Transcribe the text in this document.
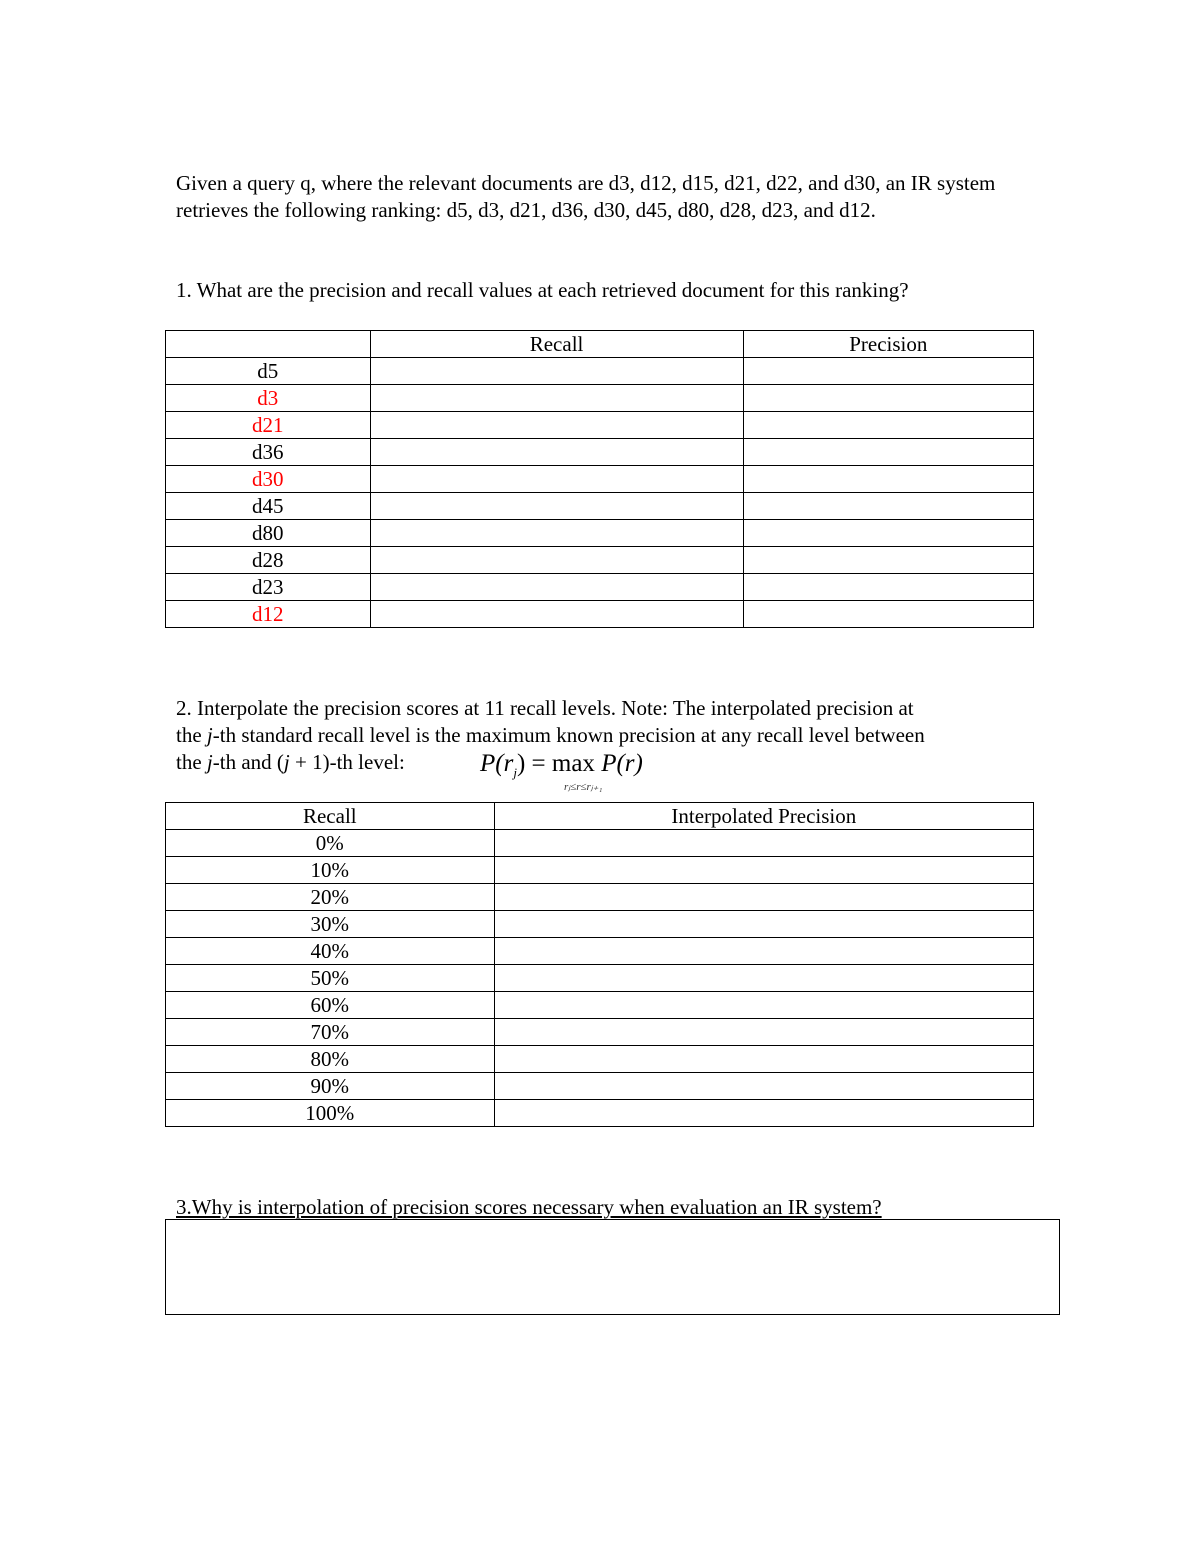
Given a query q, where the relevant documents are d3, d12, d15, d21, d22, and d30, an IR system retrieves the following ranking: d5, d3, d21, d36, d30, d45, d80, d28, d23, and d12.

1. What are the precision and recall values at each retrieved document for this ranking?

	Recall	Precision
d5		
d3		
d21		
d36		
d30		
d45		
d80		
d28		
d23		
d12		

2. Interpolate the precision scores at 11 recall levels. Note: The interpolated precision at
the j-th standard recall level is the maximum known precision at any recall level between
the j-th and (j + 1)-th level:	$P(r_j) = \max P(r)$
rⱼ≤r≤rⱼ₊₁
Recall	Interpolated Precision
0%	
10%	
20%	
30%	
40%	
50%	
60%	
70%	
80%	
90%	
100%	

3.Why is interpolation of precision scores necessary when evaluation an IR system?
